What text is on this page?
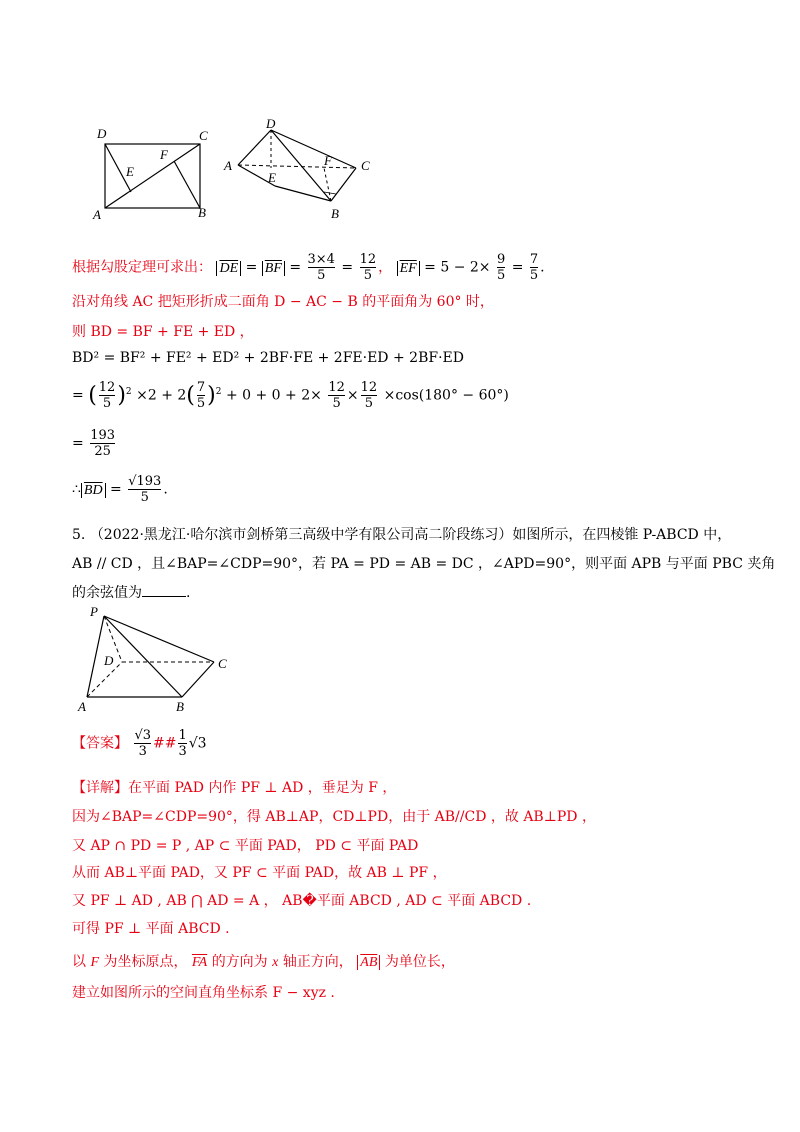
D	C
F
E
A	B
D
A
E
F C
B
根据勾股定理可求出： $\overline{DE} = \overline{BF} = \frac{3\times 4}{5} = \frac{12}{5}$ ， $\overline{EF} = 5 - 2\times \frac{9}{5} = \frac{7}{5}$ .
沿对角线 AC 把矩形折成二面角 D − AC − B 的平面角为 60° 时，
则 BD = BF + FE + ED ，
BD² = BF² + FE² + ED² + 2BF·FE + 2FE·ED + 2BF·ED
= ( $\frac{12}{5} )^2 \times 2 + 2( \frac{7}{5} )^2 + 0 + 0 + 2\times \frac{12}{5} \times \frac{12}{5} \times\cos(180^\circ - 60^\circ)$
= $\frac{193}{25}$
∴ $\overline{BD} = \frac{√193}{5}$ .
5. （2022·黑龙江·哈尔滨市剑桥第三高级中学有限公司高二阶段练习）如图所示，在四棱锥 P-ABCD 中，
AB // CD ，且∠BAP=∠CDP=90°，若 PA = PD = AB = DC ，∠APD=90°，则平面 APB 与平面 PBC 夹角
的余弦值为	.
P
D	C
A	B
【答案】 $\frac{√3}{3}$ ## $\frac{1}{3} √3$
【详解】在平面 PAD 内作 PF ⊥ AD ，垂足为 F ，
因为∠BAP=∠CDP=90°，得 AB⊥AP，CD⊥PD，由于 AB//CD ，故 AB⊥PD ，
又 AP ∩ PD = P , AP ⊂ 平面 PAD， PD ⊂ 平面 PAD
从而 AB⊥平面 PAD，又 PF ⊂ 平面 PAD，故 AB ⊥ PF ，
又 PF ⊥ AD , AB ⋂ AD = A ， AB�平面 ABCD , AD ⊂ 平面 ABCD .
可得 PF ⊥ 平面 ABCD .
以 F 为坐标原点， $\overline{FA}$ 的方向为 x 轴正方向， $\overline{AB}$ 为单位长，
建立如图所示的空间直角坐标系 F − xyz .
